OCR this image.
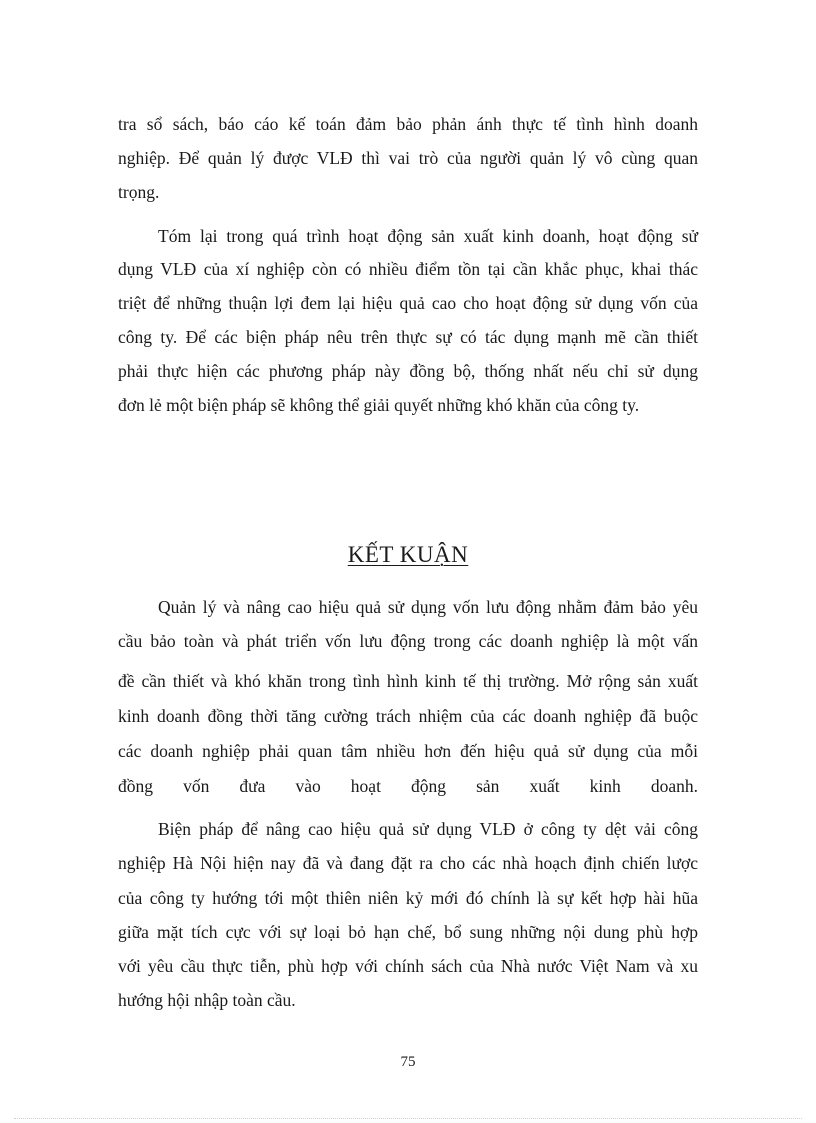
tra sổ sách, báo cáo kế toán đảm bảo phản ánh thực tế tình hình doanh
nghiệp. Để quản lý được VLĐ thì vai trò của người quản lý vô cùng quan
trọng.
Tóm lại trong quá trình hoạt động sản xuất kinh doanh, hoạt động sử
dụng VLĐ của xí nghiệp còn có nhiều điểm tồn tại cần khắc phục, khai thác
triệt để những thuận lợi đem lại hiệu quả cao cho hoạt động sử dụng vốn của
công ty. Để các biện pháp nêu trên thực sự có tác dụng mạnh mẽ cần thiết
phải thực hiện các phương pháp này đồng bộ, thống nhất nếu chỉ sử dụng
đơn lẻ một biện pháp sẽ không thể giải quyết những khó khăn của công ty.
KẾT KUẬN
Quản lý và nâng cao hiệu quả sử dụng vốn lưu động nhằm đảm bảo yêu
cầu bảo toàn và phát triển vốn lưu động trong các doanh nghiệp là một vấn
đề cần thiết và khó khăn trong tình hình kinh tế thị trường. Mở rộng sản xuất
kinh doanh đồng thời tăng cường trách nhiệm của các doanh nghiệp đã buộc
các doanh nghiệp phải quan tâm nhiều hơn đến hiệu quả sử dụng của mỗi
đồng vốn đưa vào hoạt động sản xuất kinh doanh.
Biện pháp để nâng cao hiệu quả sử dụng VLĐ ở công ty dệt vải công
nghiệp Hà Nội hiện nay đã và đang đặt ra cho các nhà hoạch định chiến lược
của công ty hướng tới một thiên niên kỷ mới đó chính là sự kết hợp hài hũa
giữa mặt tích cực với sự loại bỏ hạn chế, bổ sung những nội dung phù hợp
với yêu cầu thực tiễn, phù hợp với chính sách của Nhà nước Việt Nam và xu
hướng hội nhập toàn cầu.
75
